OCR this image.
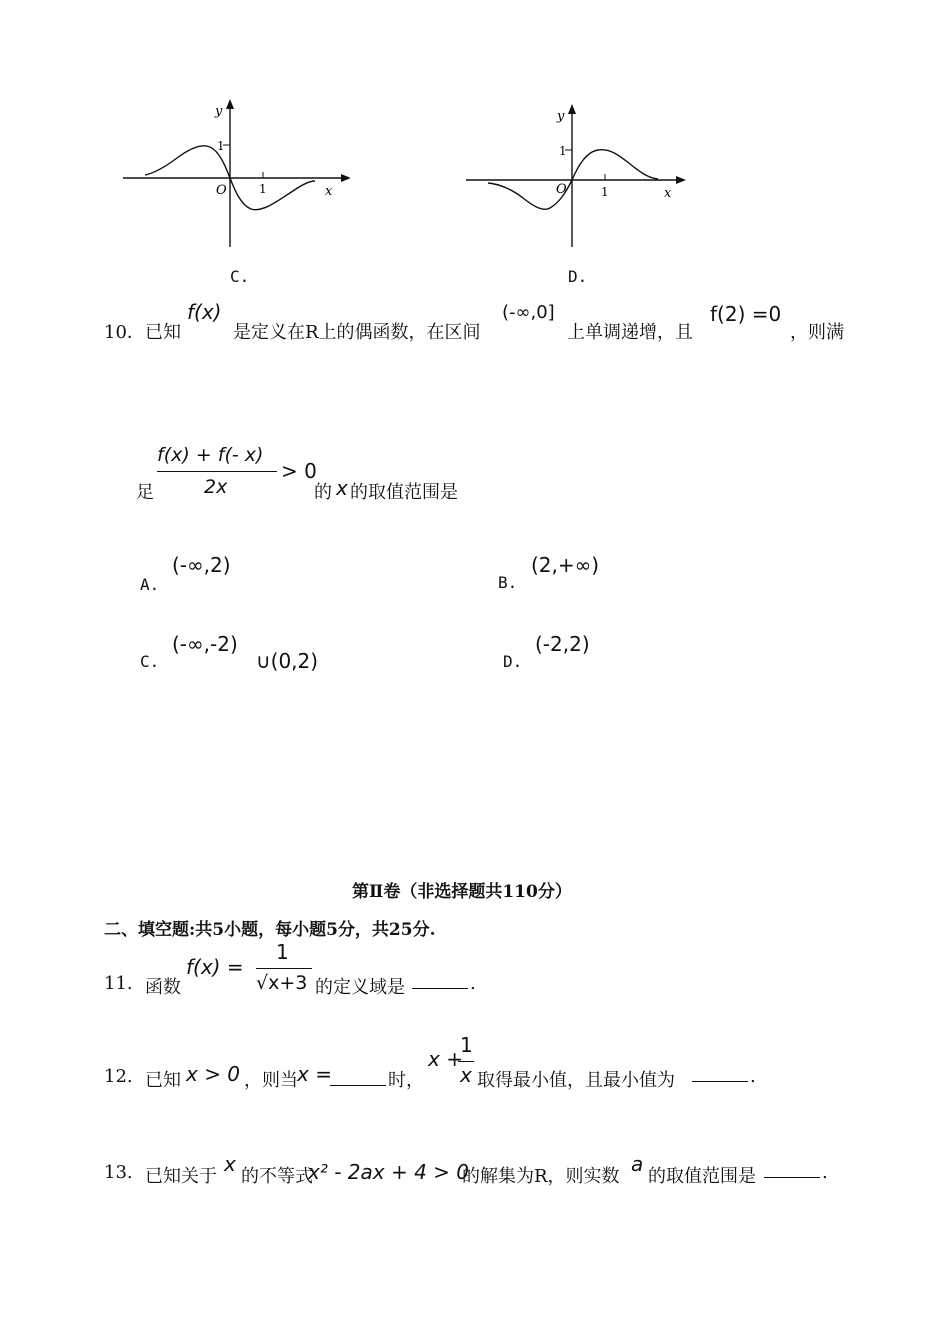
y
x
O
1
1
C.
y
x
O
1
1
D.
10． 已知
f(x)
是定义在R上的偶函数，在区间
(-∞,0]
上单调递增，且
f(2) =0
，则满
足
f(x) + f(- x)
2x
> 0
的 x 的取值范围是
A.
(-∞,2)
B.
(2,+∞)
C.
(-∞,-2)
∪(0,2)	D.
(-2,2)
第Ⅱ卷（非选择题共110分）
二、填空题:共5小题，每小题5分，共25分.
11. 函数
f(x) =
1
√x+3 的定义域是	.
12. 已知 x > 0 ，则当 x =	时，
x +
1
x 取得最小值，且最小值为	.
13. 已知关于
x
的不等式
x² - 2ax + 4 > 0
的解集为R，则实数
a
的取值范围是	.
